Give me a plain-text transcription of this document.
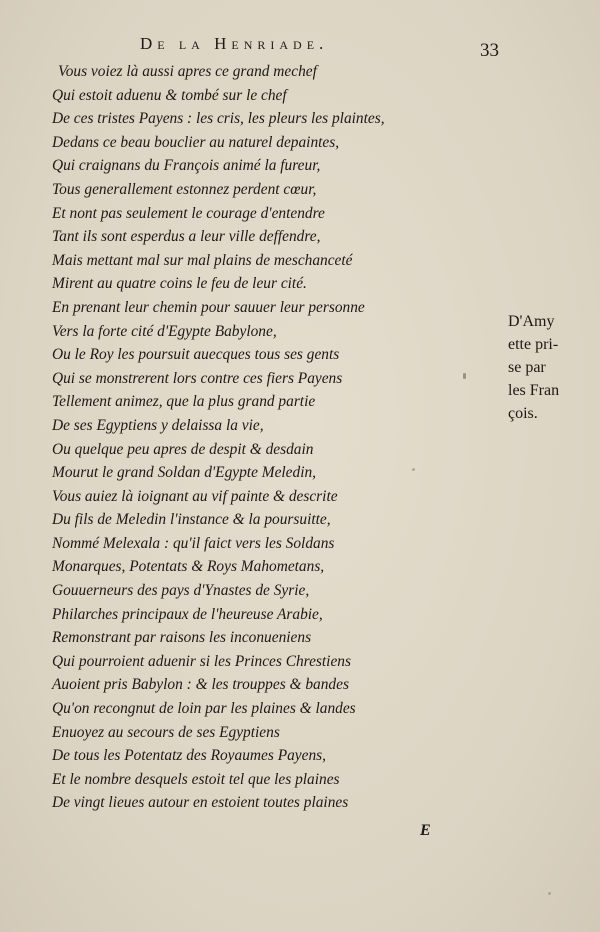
De la Henriade.	33
Vous voiez là aussi apres ce grand mechef
Qui estoit aduenu & tombé sur le chef
De ces tristes Payens : les cris, les pleurs les plaintes,
Dedans ce beau bouclier au naturel depaintes,
Qui craignans du François animé la fureur,
Tous generallement estonnez perdent cœur,
Et nont pas seulement le courage d'entendre
Tant ils sont esperdus a leur ville deffendre,
Mais mettant mal sur mal plains de meschanceté
Mirent au quatre coins le feu de leur cité.
En prenant leur chemin pour sauuer leur personne
Vers la forte cité d'Egypte Babylone,
Ou le Roy les poursuit auecques tous ses gents
Qui se monstrerent lors contre ces fiers Payens
Tellement animez, que la plus grand partie
De ses Egyptiens y delaissa la vie,
Ou quelque peu apres de despit & desdain
Mourut le grand Soldan d'Egypte Meledin,
Vous auiez là ioignant au vif painte & descrite
Du fils de Meledin l'instance & la poursuitte,
Nommé Melexala : qu'il faict vers les Soldans
Monarques, Potentats & Roys Mahometans,
Gouuerneurs des pays d'Ynastes de Syrie,
Philarches principaux de l'heureuse Arabie,
Remonstrant par raisons les inconueniens
Qui pourroient aduenir si les Princes Chrestiens
Auoient pris Babylon : & les trouppes & bandes
Qu'on recongnut de loin par les plaines & landes
Enuoyez au secours de ses Egyptiens
De tous les Potentatz des Royaumes Payens,
Et le nombre desquels estoit tel que les plaines
De vingt lieues autour en estoient toutes plaines
D'Amy
ette pri-
se par
les Fran
çois.
E
